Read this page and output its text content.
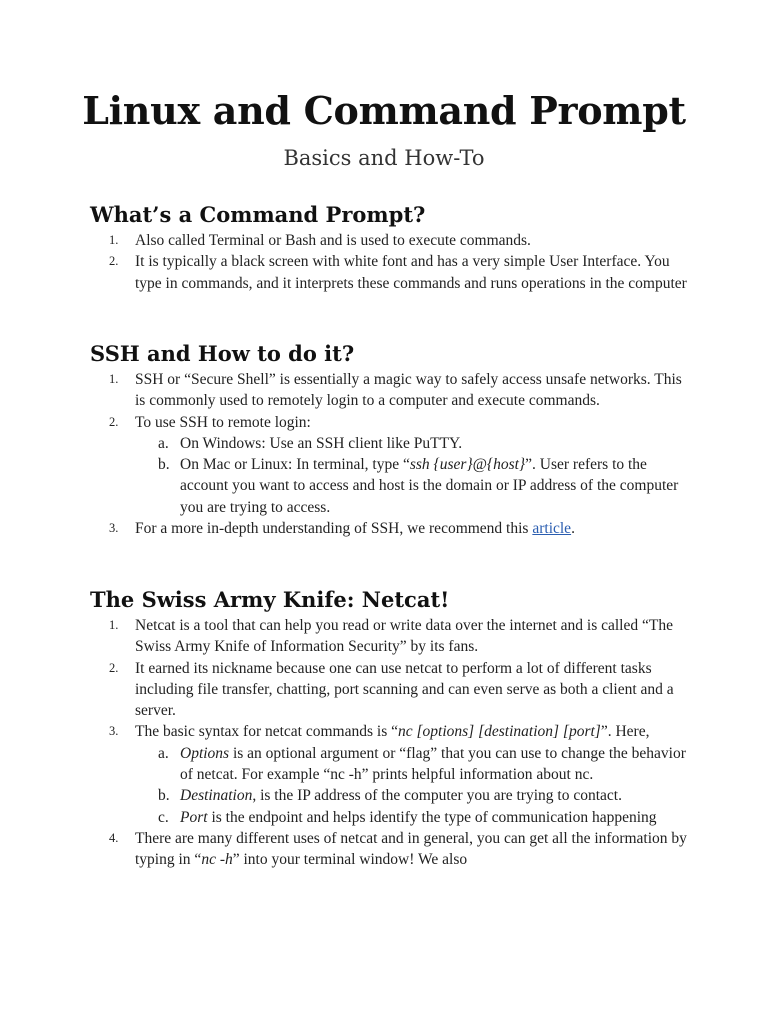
Linux and Command Prompt
Basics and How-To
What’s a Command Prompt?
1. Also called Terminal or Bash and is used to execute commands.
2. It is typically a black screen with white font and has a very simple User Interface. You type in commands, and it interprets these commands and runs operations in the computer
SSH and How to do it?
1. SSH or “Secure Shell” is essentially a magic way to safely access unsafe networks. This is commonly used to remotely login to a computer and execute commands.
2. To use SSH to remote login:
a. On Windows: Use an SSH client like PuTTY.
b. On Mac or Linux: In terminal, type “ssh {user}@{host}”. User refers to the account you want to access and host is the domain or IP address of the computer you are trying to access.
3. For a more in-depth understanding of SSH, we recommend this article.
The Swiss Army Knife: Netcat!
1. Netcat is a tool that can help you read or write data over the internet and is called “The Swiss Army Knife of Information Security” by its fans.
2. It earned its nickname because one can use netcat to perform a lot of different tasks including file transfer, chatting, port scanning and can even serve as both a client and a server.
3. The basic syntax for netcat commands is “nc [options] [destination] [port]”. Here,
a. Options is an optional argument or “flag” that you can use to change the behavior of netcat. For example “nc -h” prints helpful information about nc.
b. Destination, is the IP address of the computer you are trying to contact.
c. Port is the endpoint and helps identify the type of communication happening
4. There are many different uses of netcat and in general, you can get all the information by typing in “nc -h” into your terminal window! We also
